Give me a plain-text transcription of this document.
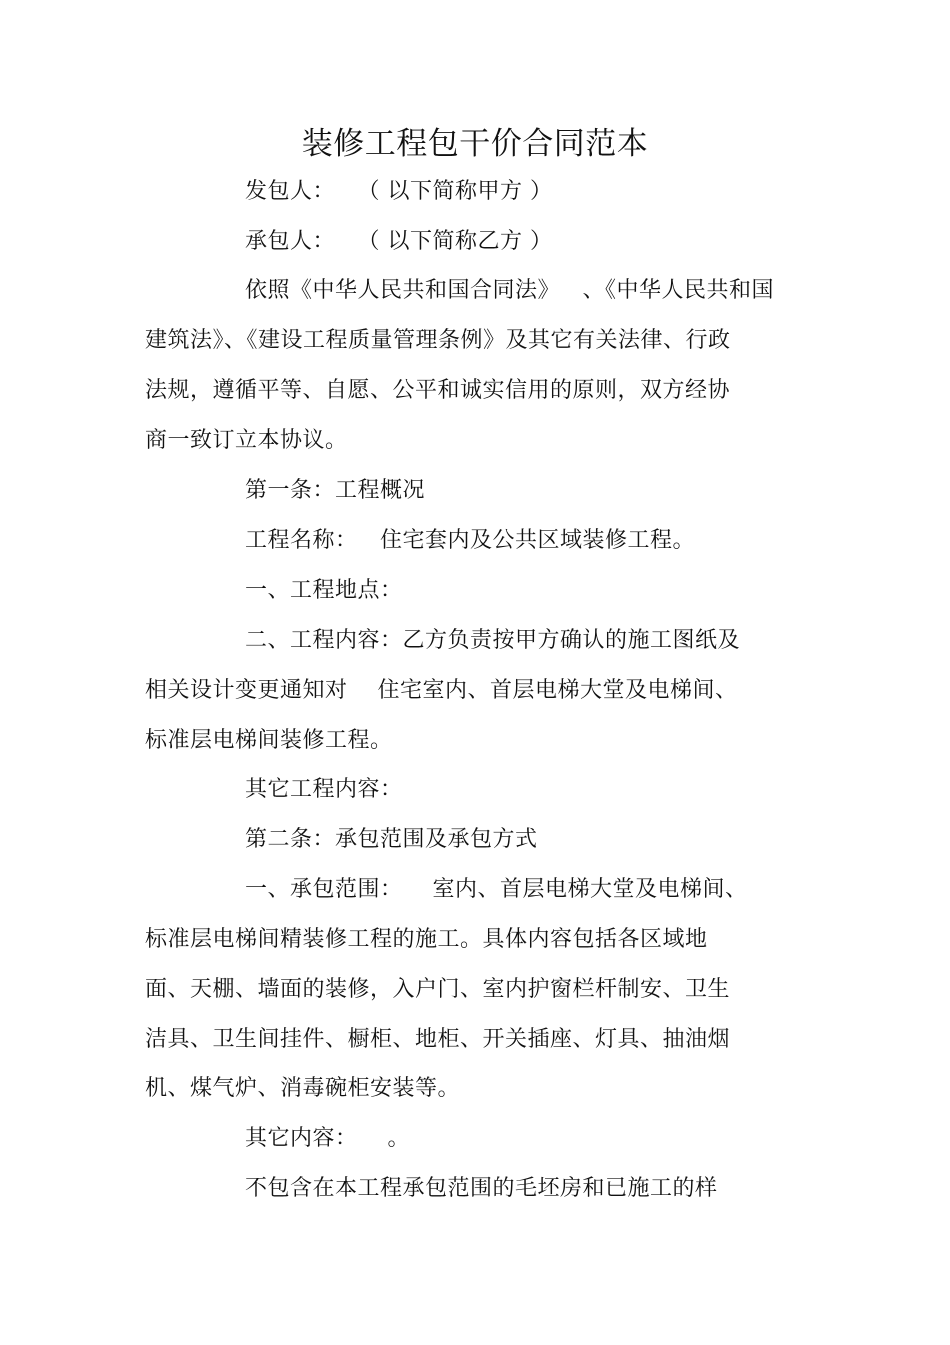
装修工程包干价合同范本
发包人：   （ 以下简称甲方 ）
承包人：   （ 以下简称乙方 ）
依照《中华人民共和国合同法》   、《中华人民共和国
建筑法》、《建设工程质量管理条例》及其它有关法律、行政
法规，遵循平等、自愿、公平和诚实信用的原则，双方经协
商一致订立本协议。
第一条：工程概况
工程名称：   住宅套内及公共区域装修工程。
一、工程地点：
二、工程内容：乙方负责按甲方确认的施工图纸及
相关设计变更通知对    住宅室内、首层电梯大堂及电梯间、
标准层电梯间装修工程。
其它工程内容：
第二条：承包范围及承包方式
一、承包范围：    室内、首层电梯大堂及电梯间、
标准层电梯间精装修工程的施工。具体内容包括各区域地
面、天棚、墙面的装修，入户门、室内护窗栏杆制安、卫生
洁具、卫生间挂件、橱柜、地柜、开关插座、灯具、抽油烟
机、煤气炉、消毒碗柜安装等。
其它内容：    。
不包含在本工程承包范围的毛坯房和已施工的样
